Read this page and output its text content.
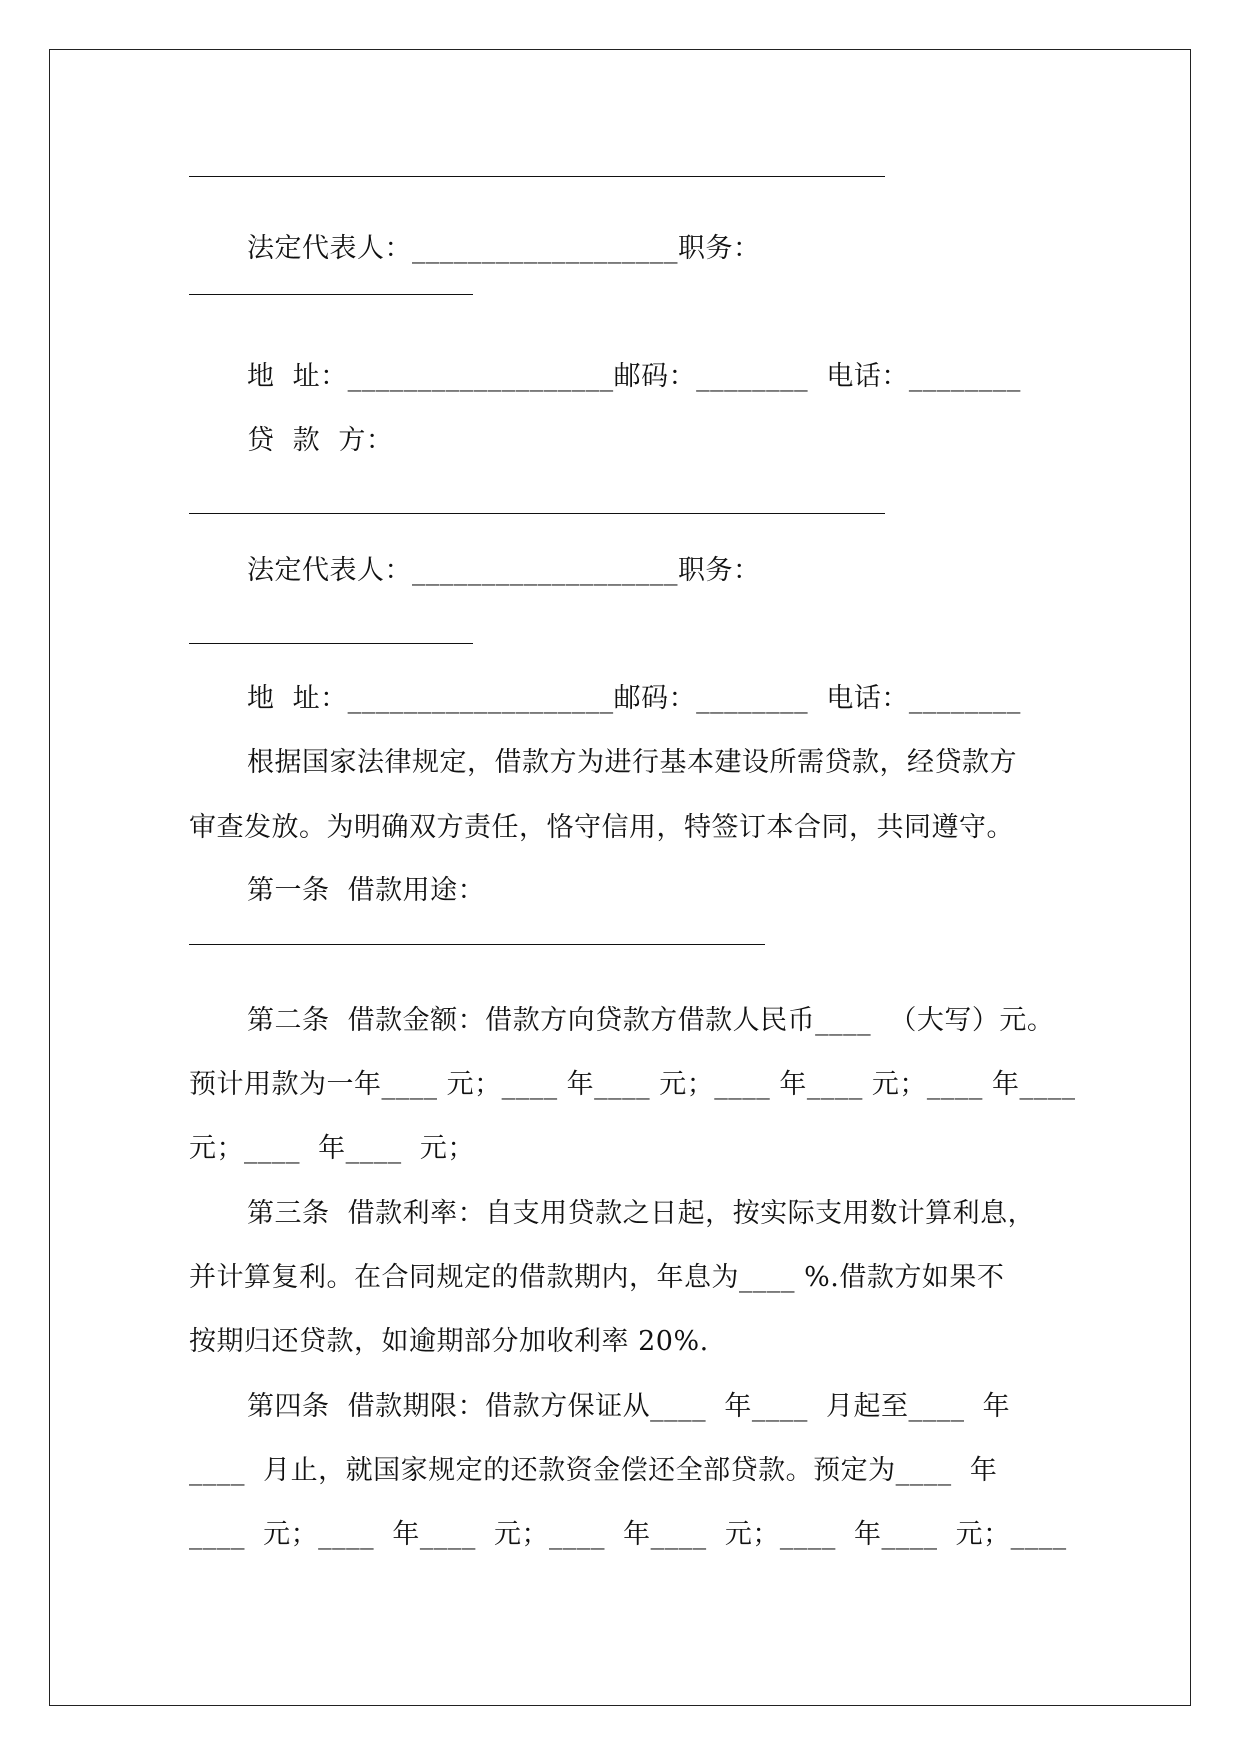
法定代表人：___________________职务：
地  址：___________________邮码：________  电话：________
贷  款  方：
法定代表人：___________________职务：
地  址：___________________邮码：________  电话：________
根据国家法律规定，借款方为进行基本建设所需贷款，经贷款方
审查发放。为明确双方责任，恪守信用，特签订本合同，共同遵守。
第一条  借款用途：
第二条  借款金额：借款方向贷款方借款人民币____  （大写）元。
预计用款为一年____ 元；____ 年____ 元；____ 年____ 元；____ 年____
元；____  年____  元；
第三条  借款利率：自支用贷款之日起，按实际支用数计算利息，
并计算复利。在合同规定的借款期内，年息为____ %.借款方如果不
按期归还贷款，如逾期部分加收利率 20%.
第四条  借款期限：借款方保证从____  年____  月起至____  年
____  月止，就国家规定的还款资金偿还全部贷款。预定为____  年
____  元；____  年____  元；____  年____  元；____  年____  元；____
